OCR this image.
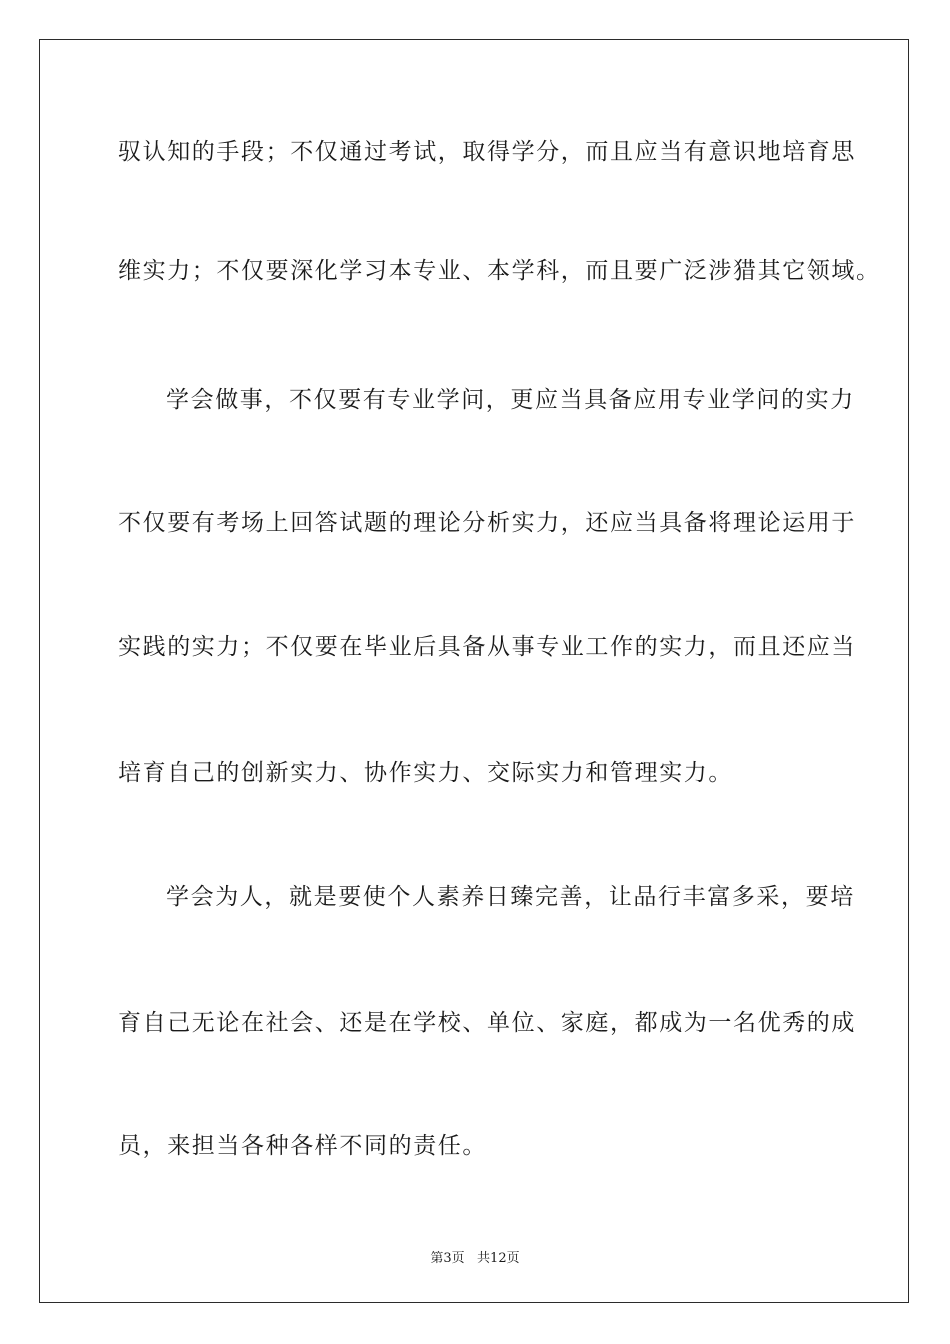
驭认知的手段；不仅通过考试，取得学分，而且应当有意识地培育思

维实力；不仅要深化学习本专业、本学科，而且要广泛涉猎其它领域。

学会做事，不仅要有专业学问，更应当具备应用专业学问的实力

不仅要有考场上回答试题的理论分析实力，还应当具备将理论运用于

实践的实力；不仅要在毕业后具备从事专业工作的实力，而且还应当

培育自己的创新实力、协作实力、交际实力和管理实力。

学会为人，就是要使个人素养日臻完善，让品行丰富多采，要培

育自己无论在社会、还是在学校、单位、家庭，都成为一名优秀的成

员，来担当各种各样不同的责任。

第3页   共12页
